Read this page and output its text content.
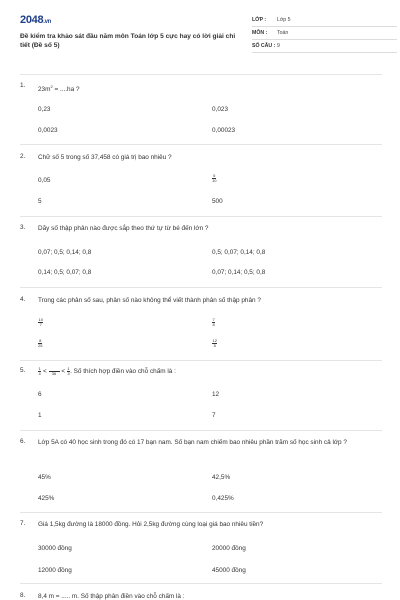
2048.vn
Đề kiểm tra khảo sát đầu năm môn Toán lớp 5 cực hay có lời giải chi tiết (Đề số 5)
LỚP : Lớp 5
MÔN : Toán
SỐ CÂU : 9
1.
$23m^2 = ....ha$ ?
0,23	0,023
0,0023	0,00023
2. Chữ số 5 trong số 37,458 có giá trị bao nhiêu ?
0,05	$\frac{5}{10}$
5	500
3. Dãy số thập phân nào được sắp theo thứ tự từ bé đến lớn ?
0,07; 0,5; 0,14; 0,8	0,5; 0,07; 0,14; 0,8
0,14; 0,5; 0,07; 0,8	0,07; 0,14; 0,5; 0,8
4. Trong các phân số sau, phân số nào không thể viết thành phân số thập phân ?
$\frac{10}{7}$	$\frac{7}{8}$
$\frac{8}{25}$	$\frac{12}{5}$
5.	$\frac{1}{4}$ <	$36 < \frac{1}{3}$ . Số thích hợp điền vào chỗ chấm là :
6	12
1	7
6. Lớp 5A có 40 học sinh trong đó có 17 bạn nam. Số bạn nam chiếm bao nhiêu phần trăm số học sinh cả lớp ?
45%	42,5%
425%	0,425%
7. Giá 1,5kg đường là 18000 đồng. Hỏi 2,5kg đường cùng loại giá bao nhiêu tiền?
30000 đồng	20000 đồng
12000 đồng	45000 đồng
8. 8,4 m = ..... m. Số thập phân điền vào chỗ chấm là :
